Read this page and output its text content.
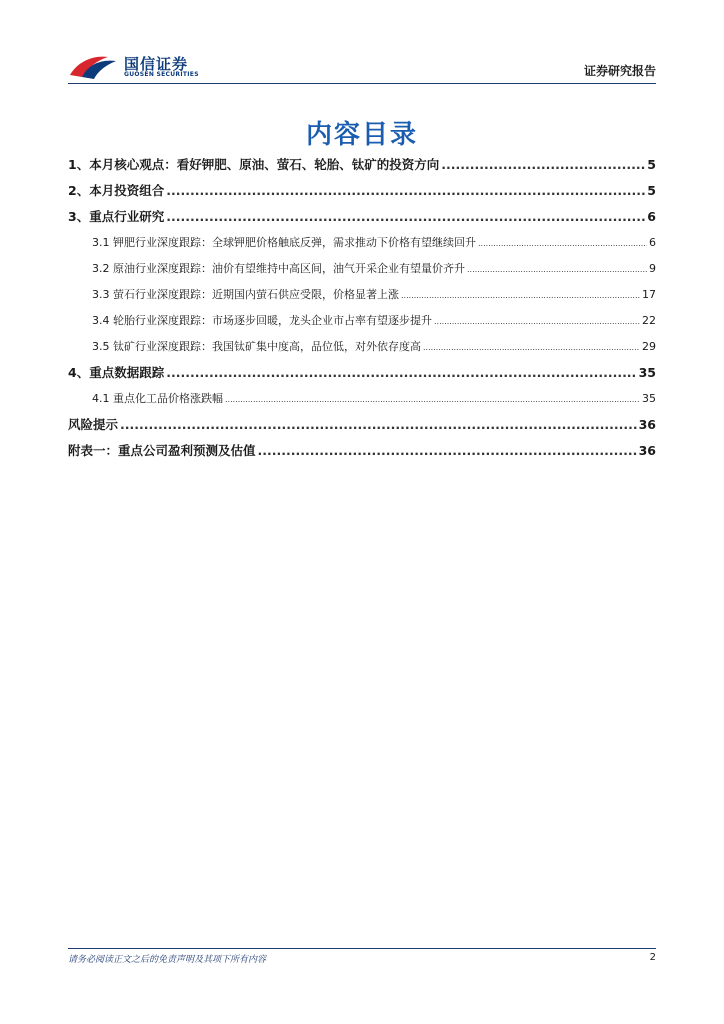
国信证券
GUOSEN SECURITIES	证券研究报告
内容目录
1、本月核心观点：看好钾肥、原油、萤石、轮胎、钛矿的投资方向 .....	5
2、本月投资组合 .....	5
3、重点行业研究 .....	6
3.1 钾肥行业深度跟踪：全球钾肥价格触底反弹，需求推动下价格有望继续回升 .....	6
3.2 原油行业深度跟踪：油价有望维持中高区间，油气开采企业有望量价齐升 .....	9
3.3 萤石行业深度跟踪：近期国内萤石供应受限，价格显著上涨 .....	17
3.4 轮胎行业深度跟踪：市场逐步回暖，龙头企业市占率有望逐步提升 .....	22
3.5 钛矿行业深度跟踪：我国钛矿集中度高，品位低，对外依存度高 .....	29
4、重点数据跟踪 .....	35
4.1 重点化工品价格涨跌幅 .....	35
风险提示 .....	36
附表一：重点公司盈利预测及估值 .....	36
请务必阅读正文之后的免责声明及其项下所有内容	2
